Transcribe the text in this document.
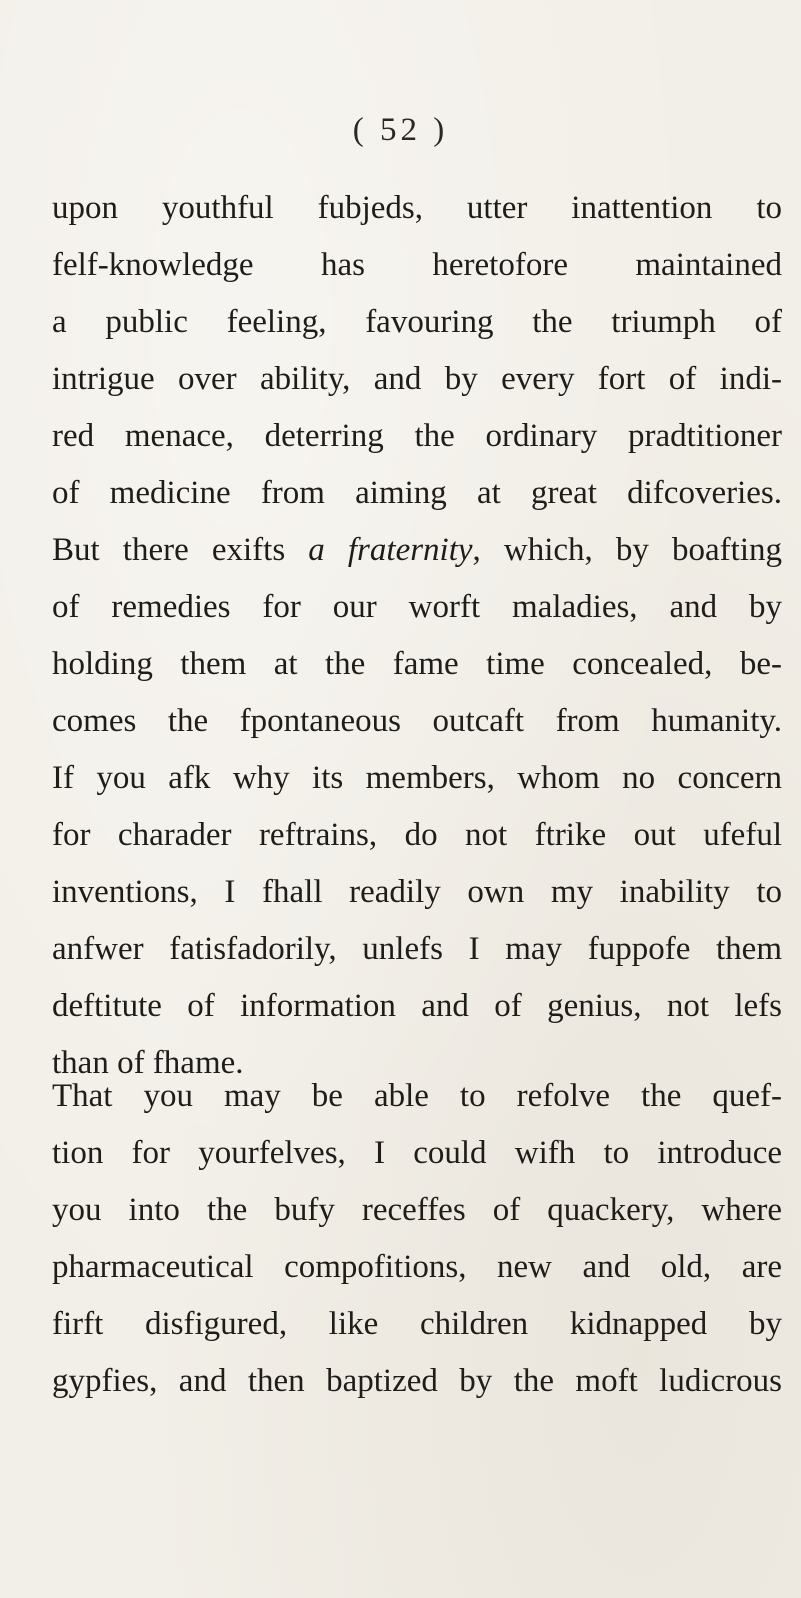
( 52 )
upon youthful fubjeds, utter inattention to
felf-knowledge has heretofore maintained
a public feeling, favouring the triumph of
intrigue over ability, and by every fort of indi-
red menace, deterring the ordinary pradtitioner
of medicine from aiming at great difcoveries.
But there exifts a fraternity, which, by boafting
of remedies for our worft maladies, and by
holding them at the fame time concealed, be-
comes the fpontaneous outcaft from humanity.
If you afk why its members, whom no concern
for charader reftrains, do not ftrike out ufeful
inventions, I fhall readily own my inability to
anfwer fatisfadorily, unlefs I may fuppofe them
deftitute of information and of genius, not lefs
than of fhame.
That you may be able to refolve the quef-
tion for yourfelves, I could wifh to introduce
you into the bufy receffes of quackery, where
pharmaceutical compofitions, new and old, are
firft disfigured, like children kidnapped by
gypfies, and then baptized by the moft ludicrous
